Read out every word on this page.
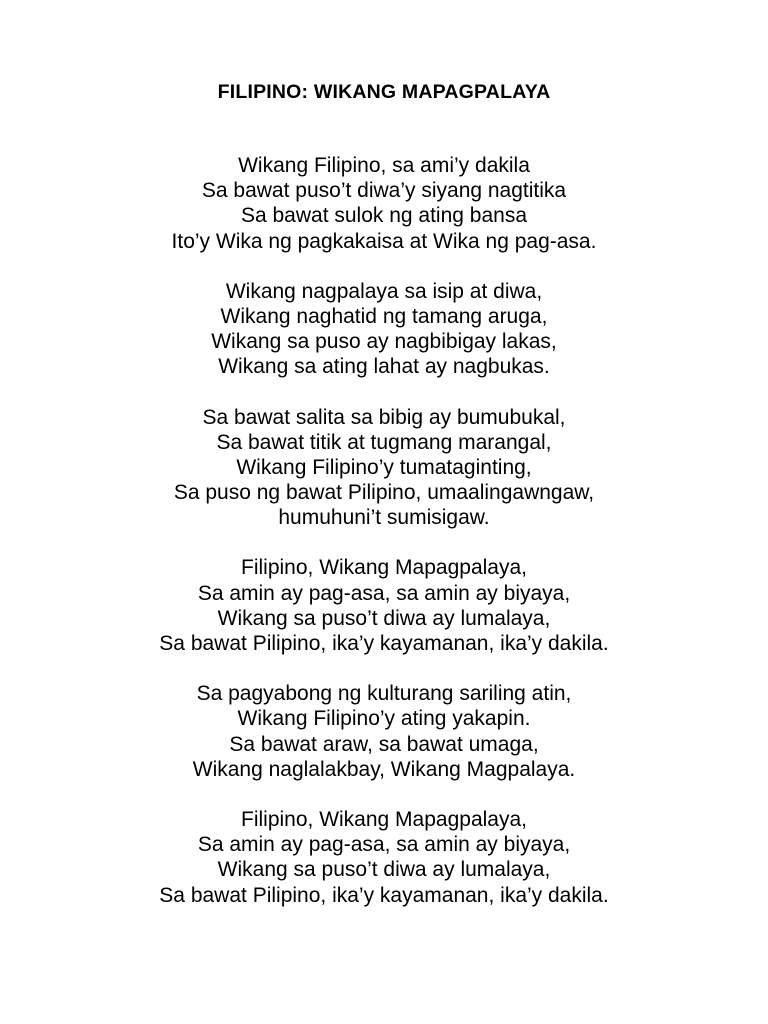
FILIPINO: WIKANG MAPAGPALAYA
Wikang Filipino, sa ami’y dakila
Sa bawat puso’t diwa’y siyang nagtitika
Sa bawat sulok ng ating bansa
Ito’y Wika ng pagkakaisa at Wika ng pag-asa.
Wikang nagpalaya sa isip at diwa,
Wikang naghatid ng tamang aruga,
Wikang sa puso ay nagbibigay lakas,
Wikang sa ating lahat ay nagbukas.
Sa bawat salita sa bibig ay bumubukal,
Sa bawat titik at tugmang marangal,
Wikang Filipino’y tumataginting,
Sa puso ng bawat Pilipino, umaalingawngaw,
humuhuni’t sumisigaw.
Filipino, Wikang Mapagpalaya,
Sa amin ay pag-asa, sa amin ay biyaya,
Wikang sa puso’t diwa ay lumalaya,
Sa bawat Pilipino, ika’y kayamanan, ika’y dakila.
Sa pagyabong ng kulturang sariling atin,
Wikang Filipino’y ating yakapin.
Sa bawat araw, sa bawat umaga,
Wikang naglalakbay, Wikang Magpalaya.
Filipino, Wikang Mapagpalaya,
Sa amin ay pag-asa, sa amin ay biyaya,
Wikang sa puso’t diwa ay lumalaya,
Sa bawat Pilipino, ika’y kayamanan, ika’y dakila.
